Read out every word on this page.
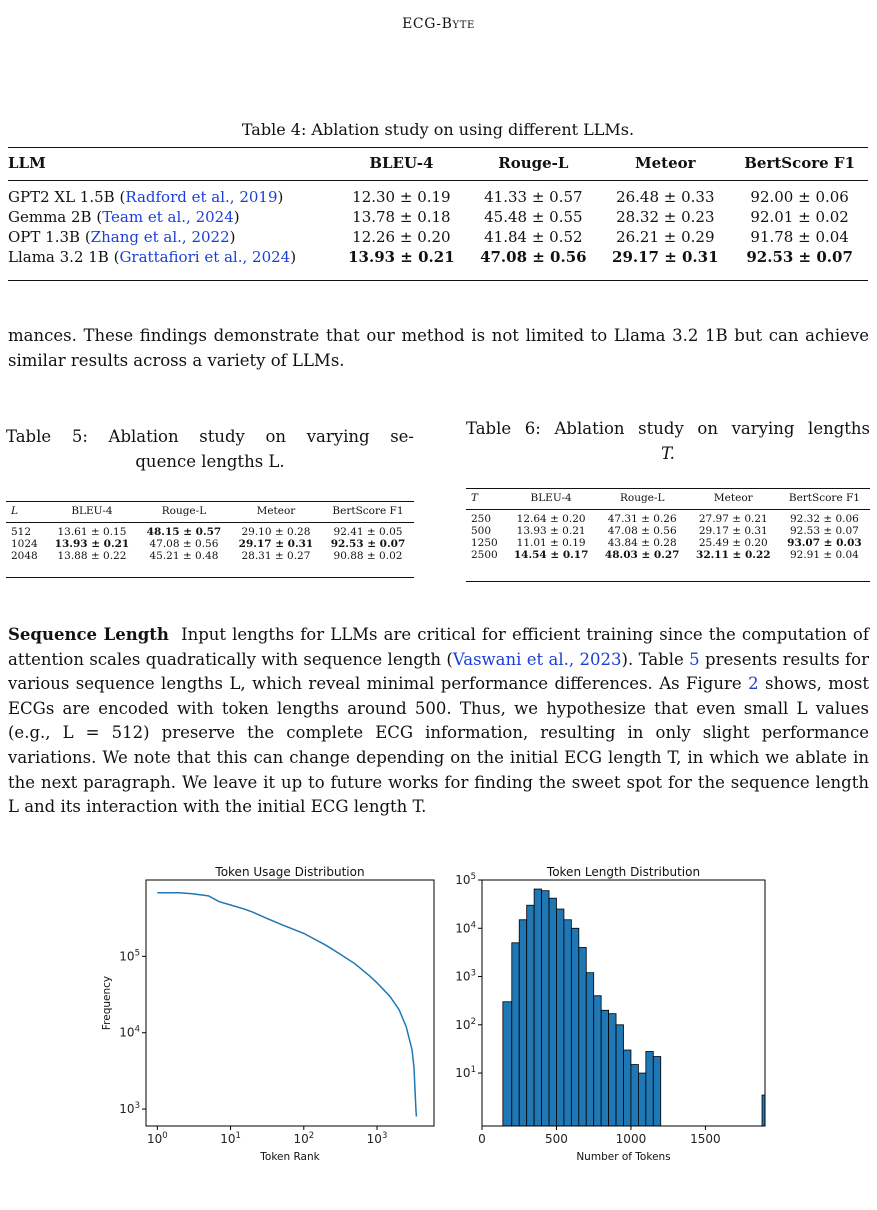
ECG-Byte
Table 4: Ablation study on using different LLMs.
LLM	BLEU-4	Rouge-L	Meteor	BertScore F1

GPT2 XL 1.5B (Radford et al., 2019)	12.30 ± 0.19	41.33 ± 0.57	26.48 ± 0.33	92.00 ± 0.06
Gemma 2B (Team et al., 2024)	13.78 ± 0.18	45.48 ± 0.55	28.32 ± 0.23	92.01 ± 0.02
OPT 1.3B (Zhang et al., 2022)	12.26 ± 0.20	41.84 ± 0.52	26.21 ± 0.29	91.78 ± 0.04
Llama 3.2 1B (Grattafiori et al., 2024)	13.93 ± 0.21	47.08 ± 0.56	29.17 ± 0.31	92.53 ± 0.07
mances. These findings demonstrate that our method is not limited to Llama 3.2 1B but can achieve similar results across a variety of LLMs.
Table 5: Ablation study on varying se-
quence lengths L.
L	BLEU-4	Rouge-L	Meteor	BertScore F1

512	13.61 ± 0.15	48.15 ± 0.57	29.10 ± 0.28	92.41 ± 0.05
1024	13.93 ± 0.21	47.08 ± 0.56	29.17 ± 0.31	92.53 ± 0.07
2048	13.88 ± 0.22	45.21 ± 0.48	28.31 ± 0.27	90.88 ± 0.02
Table 6: Ablation study on varying lengths
T.
T	BLEU-4	Rouge-L	Meteor	BertScore F1

250	12.64 ± 0.20	47.31 ± 0.26	27.97 ± 0.21	92.32 ± 0.06
500	13.93 ± 0.21	47.08 ± 0.56	29.17 ± 0.31	92.53 ± 0.07
1250	11.01 ± 0.19	43.84 ± 0.28	25.49 ± 0.20	93.07 ± 0.03
2500	14.54 ± 0.17	48.03 ± 0.27	32.11 ± 0.22	92.91 ± 0.04
Sequence Length Input lengths for LLMs are critical for efficient training since the computation of attention scales quadratically with sequence length (Vaswani et al., 2023). Table 5 presents results for various sequence lengths L, which reveal minimal performance differences. As Figure 2 shows, most ECGs are encoded with token lengths around 500. Thus, we hypothesize that even small L values (e.g., L = 512) preserve the complete ECG information, resulting in only slight performance variations. We note that this can change depending on the initial ECG length T, in which we ablate in the next paragraph. We leave it up to future works for finding the sweet spot for the sequence length L and its interaction with the initial ECG length T.
Token Usage Distribution
Token Rank
Frequency
$10^0$	$10^1$	$10^2$	$10^3$
$10^3$
$10^4$
$10^5$
Token Length Distribution
Number of Tokens
0	500	1000	1500
$10^1$
$10^2$
$10^3$
$10^4$
$10^5$
